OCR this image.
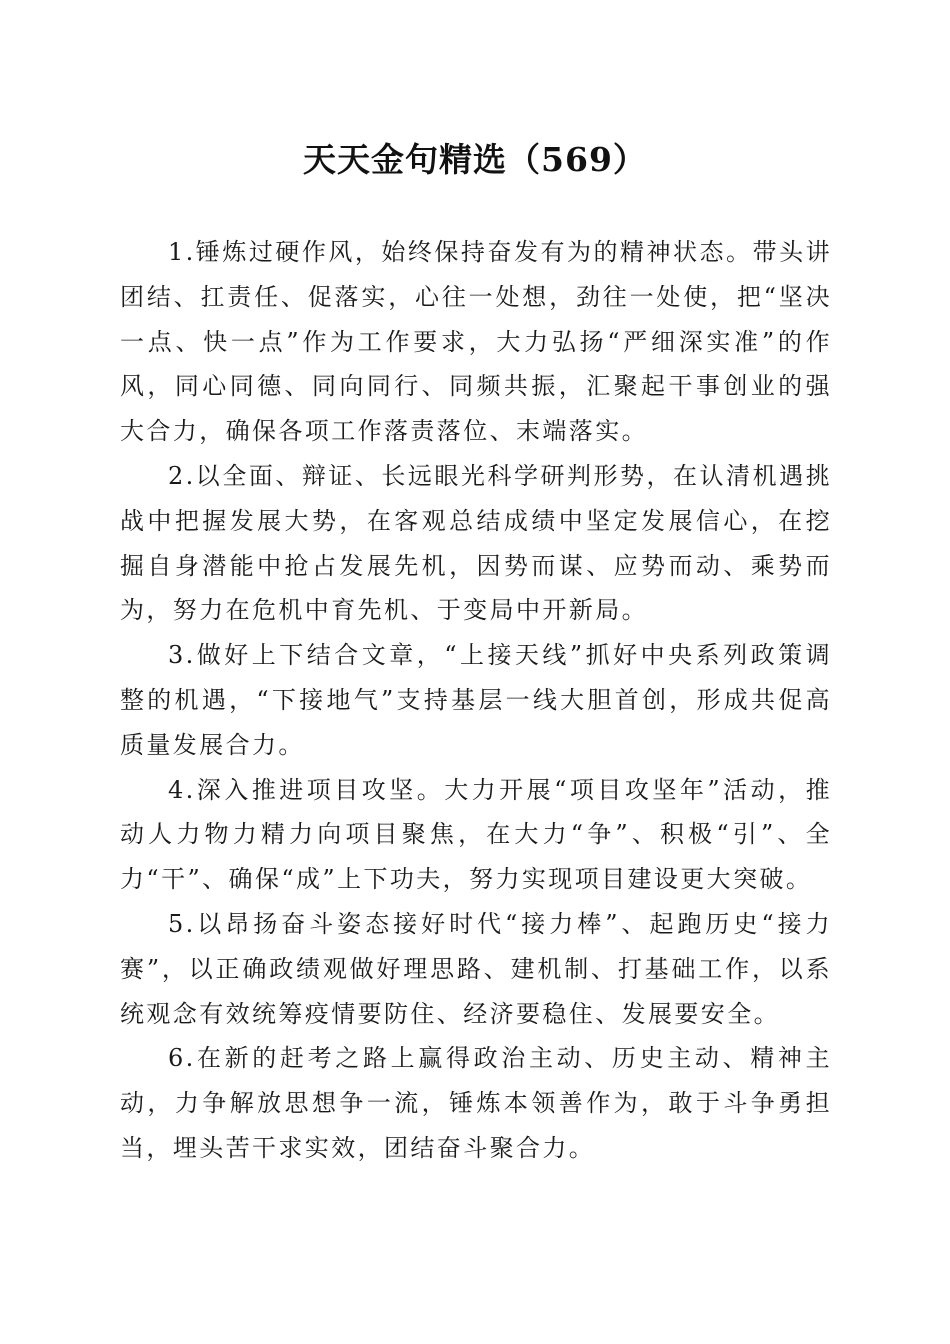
天天金句精选（569）

1.锤炼过硬作风，始终保持奋发有为的精神状态。带头讲团结、扛责任、促落实，心往一处想，劲往一处使，把“坚决一点、快一点”作为工作要求，大力弘扬“严细深实准”的作风，同心同德、同向同行、同频共振，汇聚起干事创业的强大合力，确保各项工作落责落位、末端落实。

2.以全面、辩证、长远眼光科学研判形势，在认清机遇挑战中把握发展大势，在客观总结成绩中坚定发展信心，在挖掘自身潜能中抢占发展先机，因势而谋、应势而动、乘势而为，努力在危机中育先机、于变局中开新局。

3.做好上下结合文章，“上接天线”抓好中央系列政策调整的机遇，“下接地气”支持基层一线大胆首创，形成共促高质量发展合力。

4.深入推进项目攻坚。大力开展“项目攻坚年”活动，推动人力物力精力向项目聚焦，在大力“争”、积极“引”、全力“干”、确保“成”上下功夫，努力实现项目建设更大突破。

5.以昂扬奋斗姿态接好时代“接力棒”、起跑历史“接力赛”，以正确政绩观做好理思路、建机制、打基础工作，以系统观念有效统筹疫情要防住、经济要稳住、发展要安全。

6.在新的赶考之路上赢得政治主动、历史主动、精神主动，力争解放思想争一流，锤炼本领善作为，敢于斗争勇担当，埋头苦干求实效，团结奋斗聚合力。
